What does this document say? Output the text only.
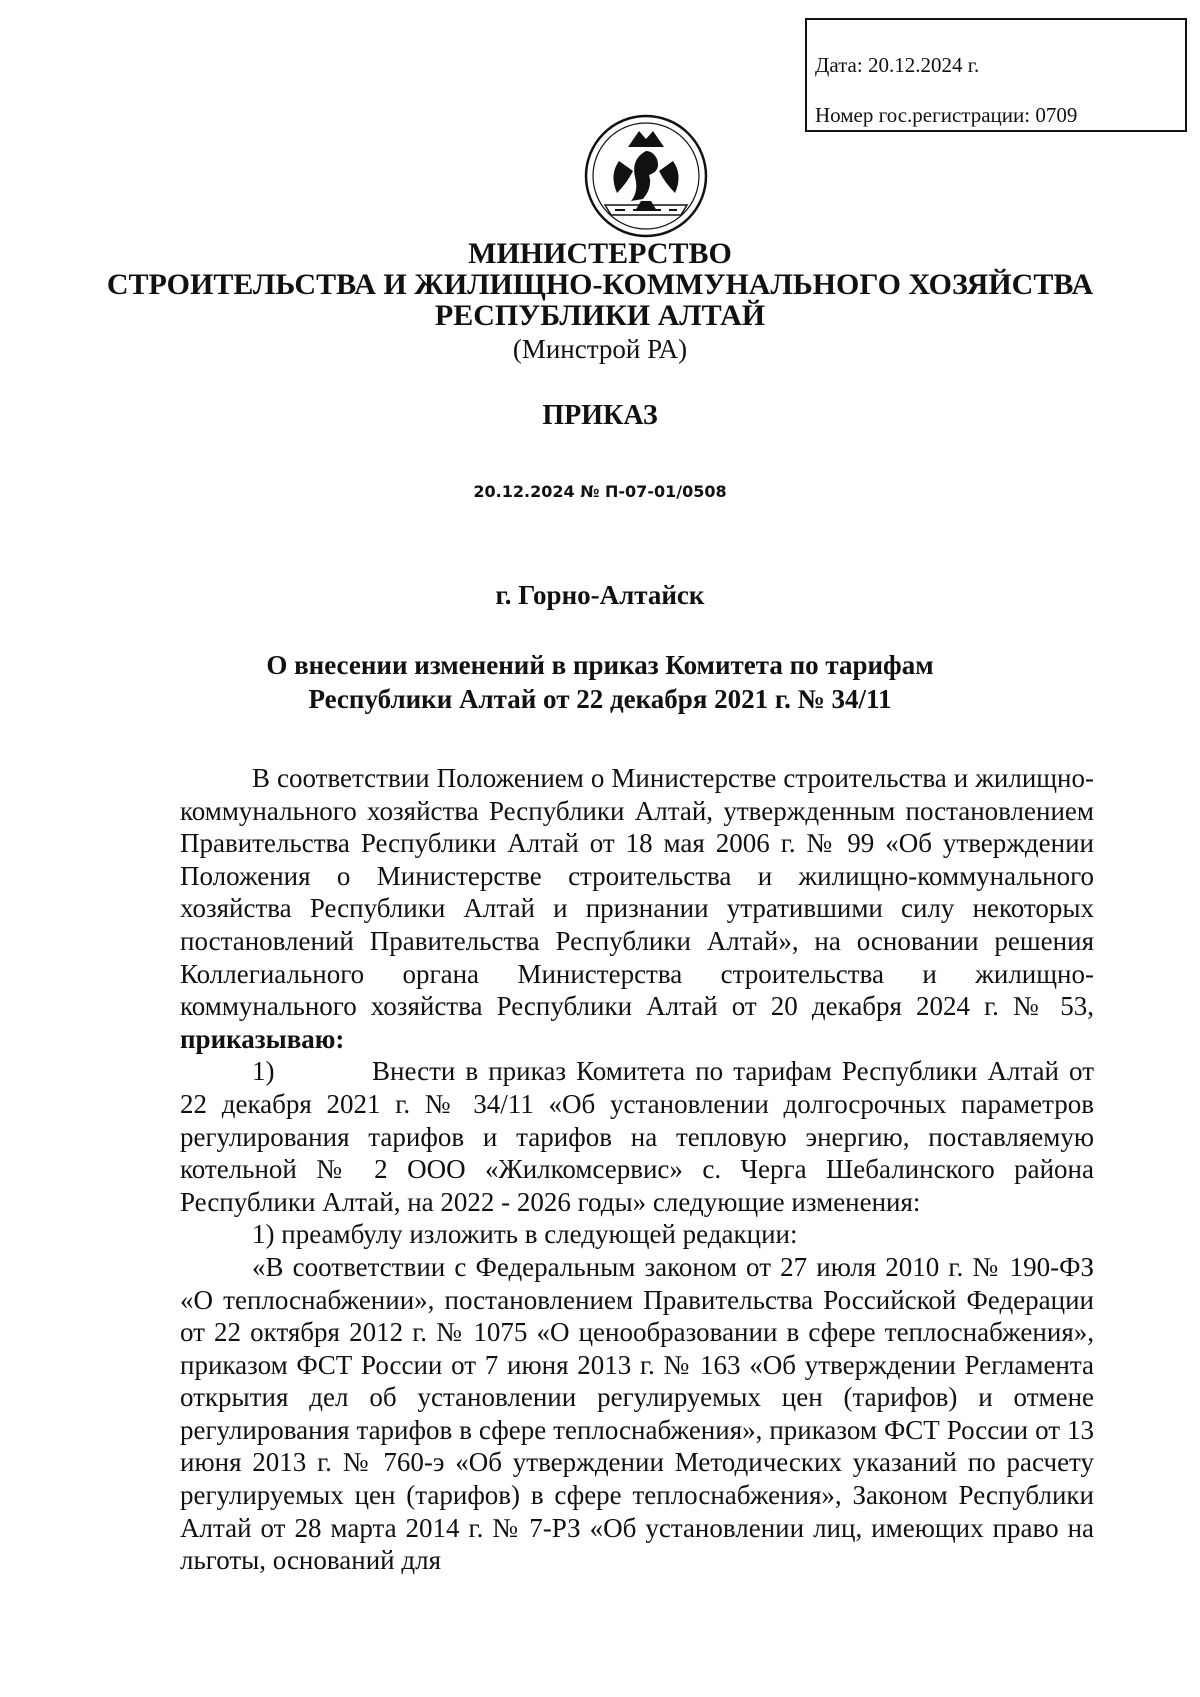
Дата: 20.12.2024 г.
Номер гос.регистрации: 0709
МИНИСТЕРСТВО
СТРОИТЕЛЬСТВА И ЖИЛИЩНО-КОММУНАЛЬНОГО ХОЗЯЙСТВА
РЕСПУБЛИКИ АЛТАЙ
(Минстрой РА)
ПРИКАЗ
20.12.2024 № П-07-01/0508
г. Горно-Алтайск
О внесении изменений в приказ Комитета по тарифам
Республики Алтай от 22 декабря 2021 г. № 34/11

В соответствии Положением о Министерстве строительства и жилищно-коммунального хозяйства Республики Алтай, утвержденным постановлением Правительства Республики Алтай от 18 мая 2006 г. № 99 «Об утверждении Положения о Министерстве строительства и жилищно-коммунального хозяйства Республики Алтай и признании утратившими силу некоторых постановлений Правительства Республики Алтай», на основании решения Коллегиального органа Министерства строительства и жилищно-коммунального хозяйства Республики Алтай от 20 декабря 2024 г. № 53, приказываю:

1)	Внести в приказ Комитета по тарифам Республики Алтай от 22 декабря 2021 г. № 34/11 «Об установлении долгосрочных параметров регулирования тарифов и тарифов на тепловую энергию, поставляемую котельной № 2 ООО «Жилкомсервис» с. Черга Шебалинского района Республики Алтай, на 2022 - 2026 годы» следующие изменения:

1) преамбулу изложить в следующей редакции:

«В соответствии с Федеральным законом от 27 июля 2010 г. № 190-ФЗ «О теплоснабжении», постановлением Правительства Российской Федерации от 22 октября 2012 г. № 1075 «О ценообразовании в сфере теплоснабжения», приказом ФСТ России от 7 июня 2013 г. № 163 «Об утверждении Регламента открытия дел об установлении регулируемых цен (тарифов) и отмене регулирования тарифов в сфере теплоснабжения», приказом ФСТ России от 13 июня 2013 г. № 760-э «Об утверждении Методических указаний по расчету регулируемых цен (тарифов) в сфере теплоснабжения», Законом Республики Алтай от 28 марта 2014 г. № 7-РЗ «Об установлении лиц, имеющих право на льготы, оснований для
